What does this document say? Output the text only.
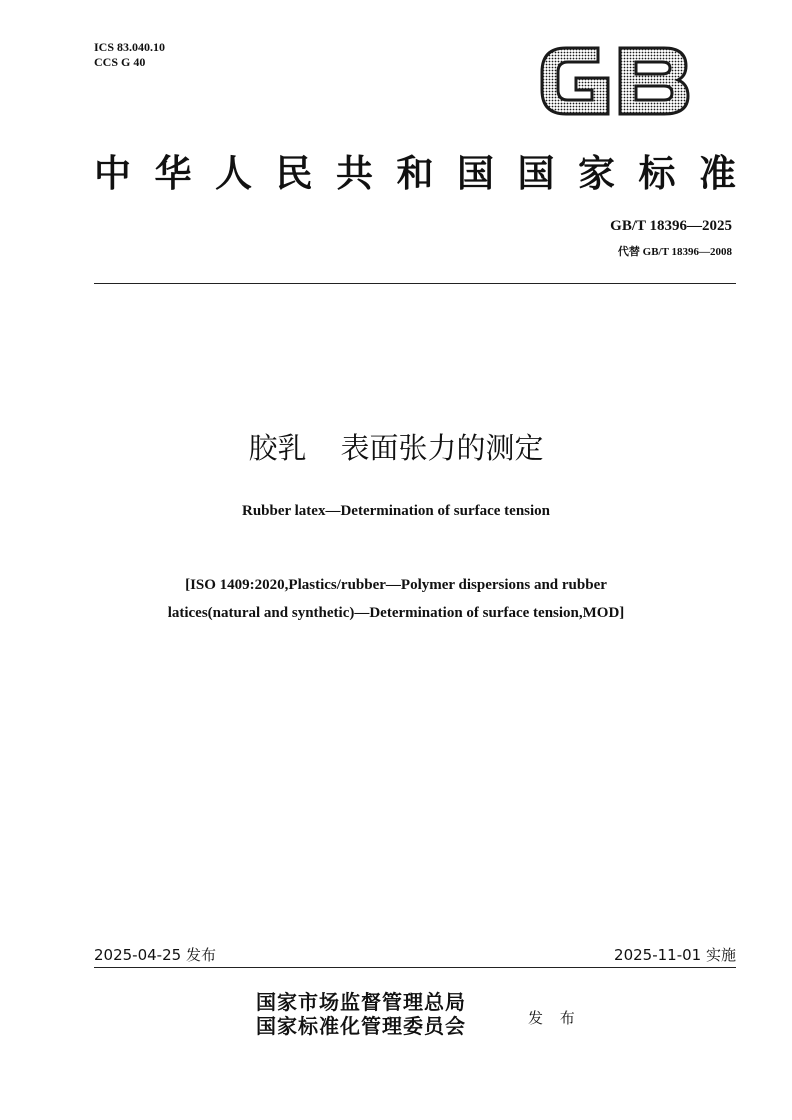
ICS 83.040.10
CCS G 40
中华人民共和国国家标准
GB/T 18396—2025
代替 GB/T 18396—2008
胶乳 表面张力的测定
Rubber latex—Determination of surface tension
[ISO 1409:2020,Plastics/rubber—Polymer dispersions and rubber
latices(natural and synthetic)—Determination of surface tension,MOD]
2025-04-25 发布	2025-11-01 实施
国家市场监督管理总局
国家标准化管理委员会	发 布
